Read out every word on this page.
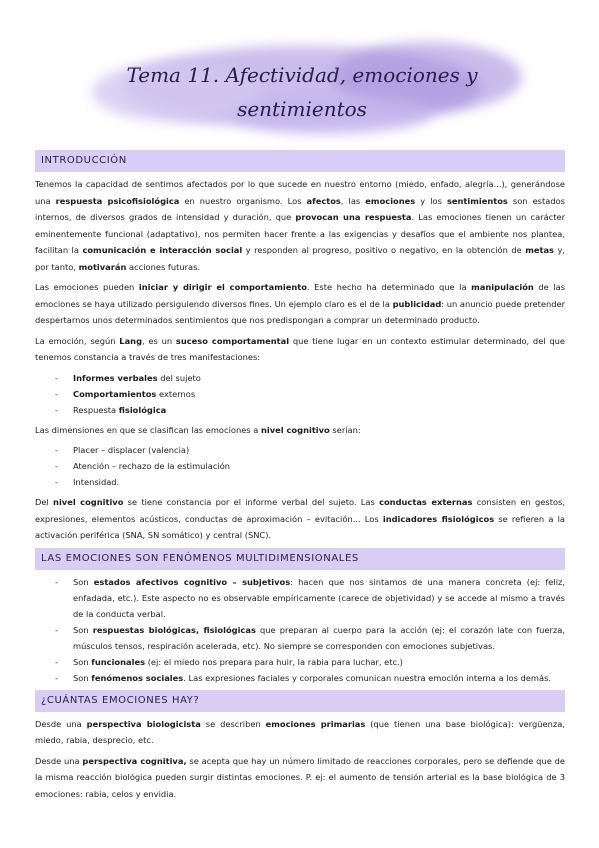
Tema 11. Afectividad, emociones y sentimientos
INTRODUCCIÓN

Tenemos la capacidad de sentimos afectados por lo que sucede en nuestro entorno (miedo, enfado, alegría...), generándose una respuesta psicofisiológica en nuestro organismo. Los afectos, las emociones y los sentimientos son estados internos, de diversos grados de intensidad y duración, que provocan una respuesta. Las emociones tienen un carácter eminentemente funcional (adaptativo), nos permiten hacer frente a las exigencias y desafíos que el ambiente nos plantea, facilitan la comunicación e interacción social y responden al progreso, positivo o negativo, en la obtención de metas y, por tanto, motivarán acciones futuras.

Las emociones pueden iniciar y dirigir el comportamiento. Este hecho ha determinado que la manipulación de las emociones se haya utilizado persiguiendo diversos fines. Un ejemplo claro es el de la publicidad: un anuncio puede pretender despertarnos unos determinados sentimientos que nos predispongan a comprar un determinado producto.

La emoción, según Lang, es un suceso comportamental que tiene lugar en un contexto estimular determinado, del que tenemos constancia a través de tres manifestaciones:

- Informes verbales del sujeto
- Comportamientos externos
- Respuesta fisiológica

Las dimensiones en que se clasifican las emociones a nivel cognitivo serían:

- Placer – displacer (valencia)
- Atención – rechazo de la estimulación
- Intensidad.

Del nivel cognitivo se tiene constancia por el informe verbal del sujeto. Las conductas externas consisten en gestos, expresiones, elementos acústicos, conductas de aproximación – evitación... Los indicadores fisiológicos se refieren a la activación periférica (SNA, SN somático) y central (SNC).

LAS EMOCIONES SON FENÓMENOS MULTIDIMENSIONALES
- Son estados afectivos cognitivo – subjetivos: hacen que nos sintamos de una manera concreta (ej: feliz, enfadada, etc.). Este aspecto no es observable empíricamente (carece de objetividad) y se accede al mismo a través de la conducta verbal.
- Son respuestas biológicas, fisiológicas que preparan al cuerpo para la acción (ej: el corazón late con fuerza, músculos tensos, respiración acelerada, etc). No siempre se corresponden con emociones subjetivas.
- Son funcionales (ej: el miedo nos prepara para huir, la rabia para luchar, etc.)
- Son fenómenos sociales. Las expresiones faciales y corporales comunican nuestra emoción interna a los demás.
¿CUÁNTAS EMOCIONES HAY?

Desde una perspectiva biologicista se describen emociones primarias (que tienen una base biológica): vergüenza, miedo, rabia, desprecio, etc.

Desde una perspectiva cognitiva, se acepta que hay un número limitado de reacciones corporales, pero se defiende que de la misma reacción biológica pueden surgir distintas emociones. P. ej: el aumento de tensión arterial es la base biológica de 3 emociones: rabia, celos y envidia.
